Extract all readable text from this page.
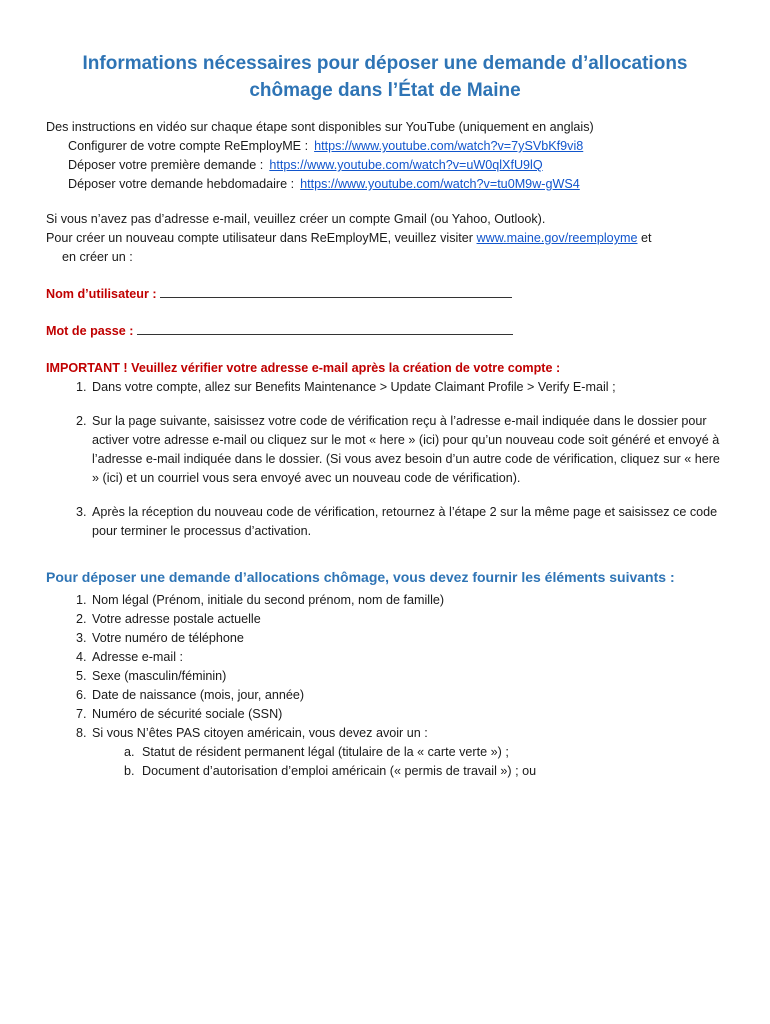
Informations nécessaires pour déposer une demande d’allocations chômage dans l’État de Maine
Des instructions en vidéo sur chaque étape sont disponibles sur YouTube (uniquement en anglais)
Configurer de votre compte ReEmployME : https://www.youtube.com/watch?v=7ySVbKf9vi8
Déposer votre première demande : https://www.youtube.com/watch?v=uW0qlXfU9lQ
Déposer votre demande hebdomadaire : https://www.youtube.com/watch?v=tu0M9w-gWS4
Si vous n’avez pas d’adresse e-mail, veuillez créer un compte Gmail (ou Yahoo, Outlook).
Pour créer un nouveau compte utilisateur dans ReEmployME, veuillez visiter www.maine.gov/reemployme et
en créer un :
Nom d’utilisateur :
Mot de passe :
IMPORTANT ! Veuillez vérifier votre adresse e-mail après la création de votre compte :
1. Dans votre compte, allez sur Benefits Maintenance > Update Claimant Profile > Verify E-mail ;
2. Sur la page suivante, saisissez votre code de vérification reçu à l’adresse e-mail indiquée dans le dossier pour activer votre adresse e-mail ou cliquez sur le mot « here » (ici) pour qu’un nouveau code soit généré et envoyé à l’adresse e-mail indiquée dans le dossier. (Si vous avez besoin d’un autre code de vérification, cliquez sur « here » (ici) et un courriel vous sera envoyé avec un nouveau code de vérification).
3. Après la réception du nouveau code de vérification, retournez à l’étape 2 sur la même page et saisissez ce code pour terminer le processus d’activation.
Pour déposer une demande d’allocations chômage, vous devez fournir les éléments suivants :
1. Nom légal (Prénom, initiale du second prénom, nom de famille)
2. Votre adresse postale actuelle
3. Votre numéro de téléphone
4. Adresse e-mail :
5. Sexe (masculin/féminin)
6. Date de naissance (mois, jour, année)
7. Numéro de sécurité sociale (SSN)
8. Si vous N’êtes PAS citoyen américain, vous devez avoir un :
a. Statut de résident permanent légal (titulaire de la « carte verte ») ;
b. Document d’autorisation d’emploi américain (« permis de travail ») ; ou
